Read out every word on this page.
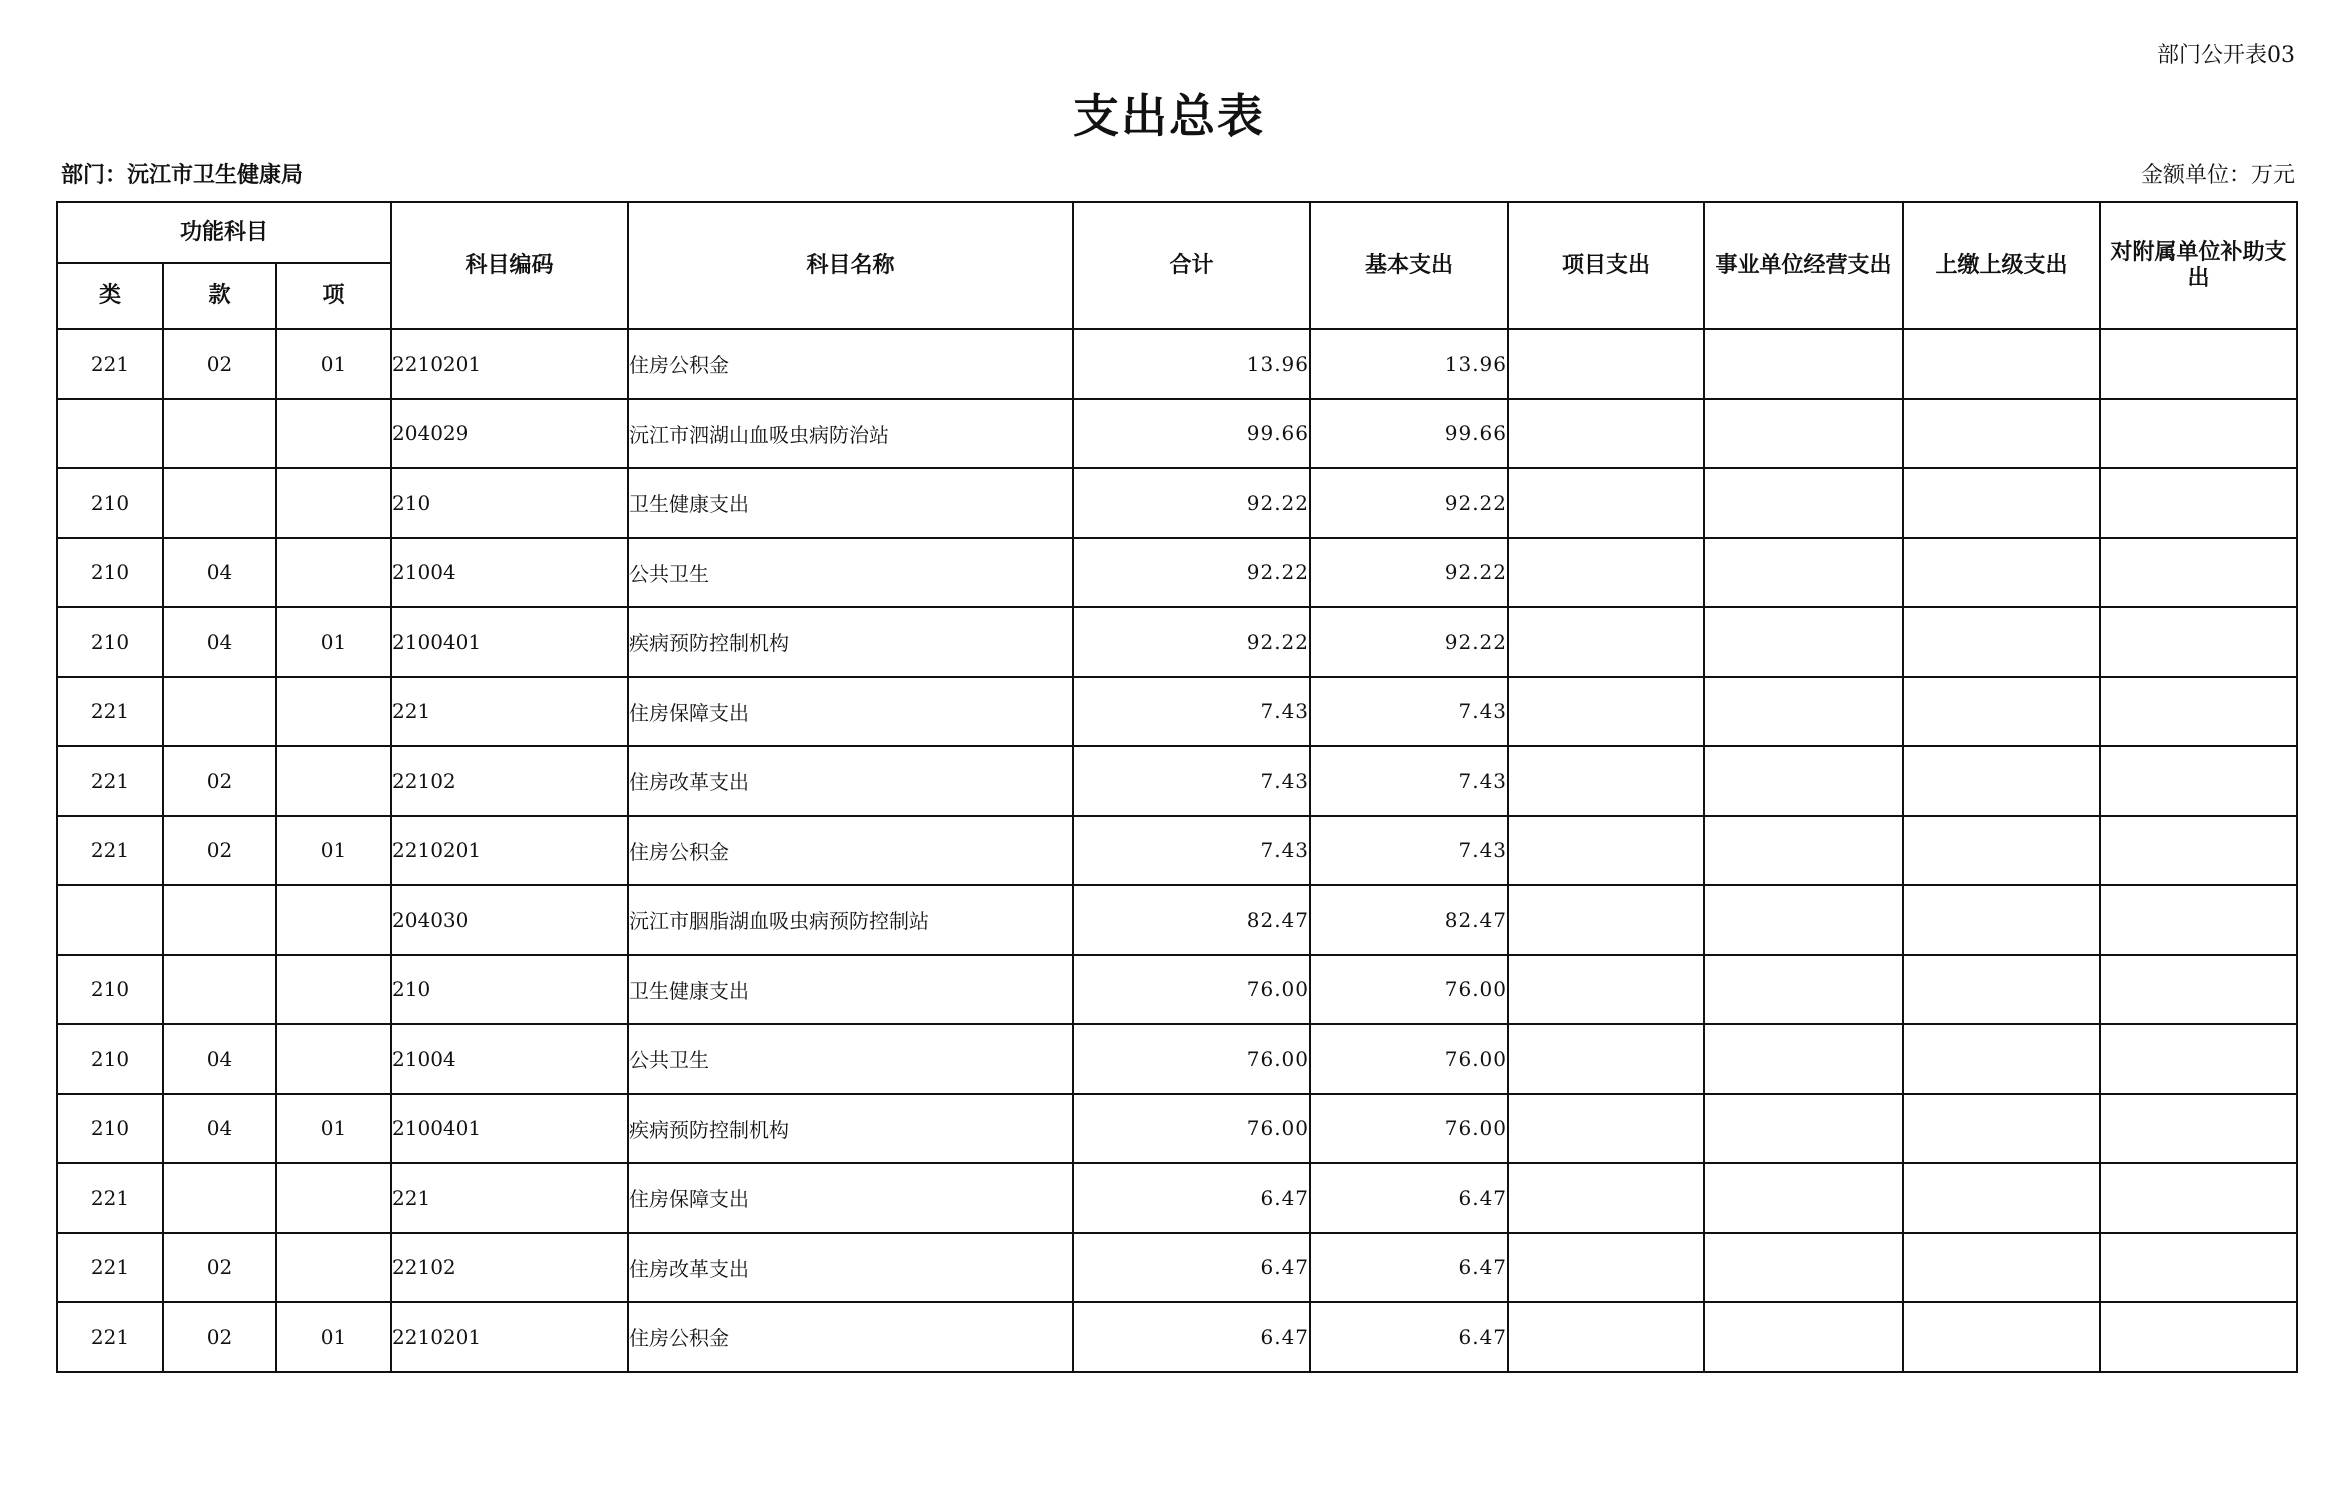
部门公开表03
支出总表
部门：沅江市卫生健康局	金额单位：万元
功能科目			科目编码	科目名称	合计	基本支出	项目支出	事业单位经营支出	上缴上级支出	对附属单位补助支出
类	款	项								
221	02	01	2210201	住房公积金	13.96	13.96				
			204029	沅江市泗湖山血吸虫病防治站	99.66	99.66				
210			210	卫生健康支出	92.22	92.22				
210	04		21004	公共卫生	92.22	92.22				
210	04	01	2100401	疾病预防控制机构	92.22	92.22				
221			221	住房保障支出	7.43	7.43				
221	02		22102	住房改革支出	7.43	7.43				
221	02	01	2210201	住房公积金	7.43	7.43				
			204030	沅江市胭脂湖血吸虫病预防控制站	82.47	82.47				
210			210	卫生健康支出	76.00	76.00				
210	04		21004	公共卫生	76.00	76.00				
210	04	01	2100401	疾病预防控制机构	76.00	76.00				
221			221	住房保障支出	6.47	6.47				
221	02		22102	住房改革支出	6.47	6.47				
221	02	01	2210201	住房公积金	6.47	6.47				
